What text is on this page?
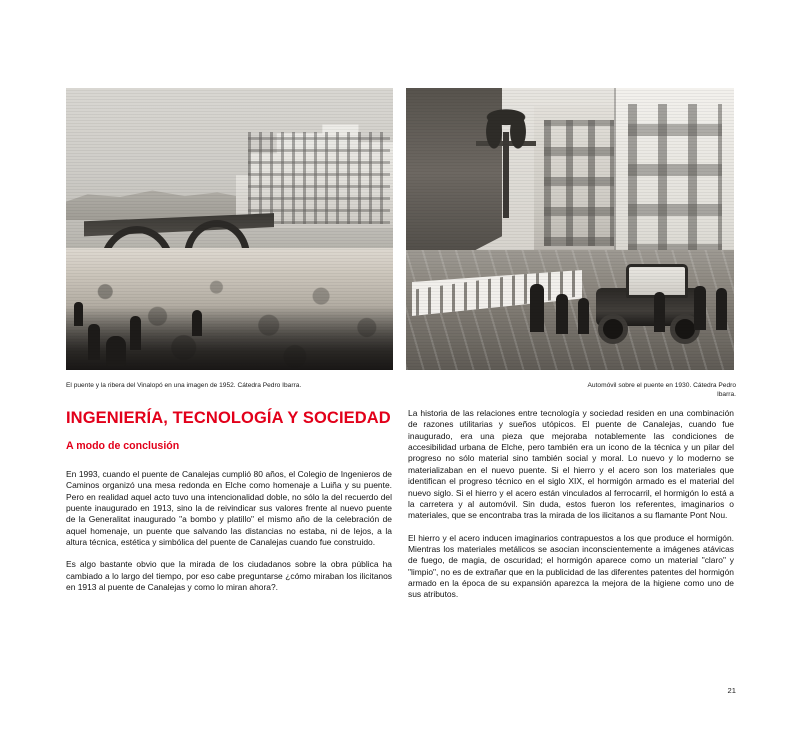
El puente y la ribera del Vinalopó en una imagen de 1952. Cátedra Pedro Ibarra.	Automóvil sobre el puente en 1930. Cátedra Pedro Ibarra.
INGENIERÍA, TECNOLOGÍA Y SOCIEDAD
A modo de conclusión

En 1993, cuando el puente de Canalejas cumplió 80 años, el Colegio de Ingenieros de Caminos organizó una mesa redonda en Elche como homenaje a Luiña y su puente. Pero en realidad aquel acto tuvo una intencionalidad doble, no sólo la del recuerdo del puente inaugurado en 1913, sino la de reivindicar sus valores frente al nuevo puente de la Generalitat inaugurado "a bombo y platillo" el mismo año de la celebración de aquel homenaje, un puente que salvando las distancias no estaba, ni de lejos, a la altura técnica, estética y simbólica del puente de Canalejas cuando fue construido.

Es algo bastante obvio que la mirada de los ciudadanos sobre la obra pública ha cambiado a lo largo del tiempo, por eso cabe preguntarse ¿cómo miraban los ilicitanos en 1913 al puente de Canalejas y como lo miran ahora?.

La historia de las relaciones entre tecnología y sociedad residen en una combinación de razones utilitarias y sueños utópicos. El puente de Canalejas, cuando fue inaugurado, era una pieza que mejoraba notablemente las condiciones de accesibilidad urbana de Elche, pero también era un icono de la técnica y un pilar del progreso no sólo material sino también social y moral. Lo nuevo y lo moderno se materializaban en el nuevo puente. Si el hierro y el acero son los materiales que identifican el progreso técnico en el siglo XIX, el hormigón armado es el material del nuevo siglo. Si el hierro y el acero están vinculados al ferrocarril, el hormigón lo está a la carretera y al automóvil. Sin duda, estos fueron los referentes, imaginarios o materiales, que se encontraba tras la mirada de los ilicitanos a su flamante Pont Nou.

El hierro y el acero inducen imaginarios contrapuestos a los que produce el hormigón. Mientras los materiales metálicos se asocian inconscientemente a imágenes atávicas de fuego, de magia, de oscuridad; el hormigón aparece como un material "claro" y "limpio", no es de extrañar que en la publicidad de las diferentes patentes del hormigón armado en la época de su expansión aparezca la mejora de la higiene como uno de sus atributos.

21
